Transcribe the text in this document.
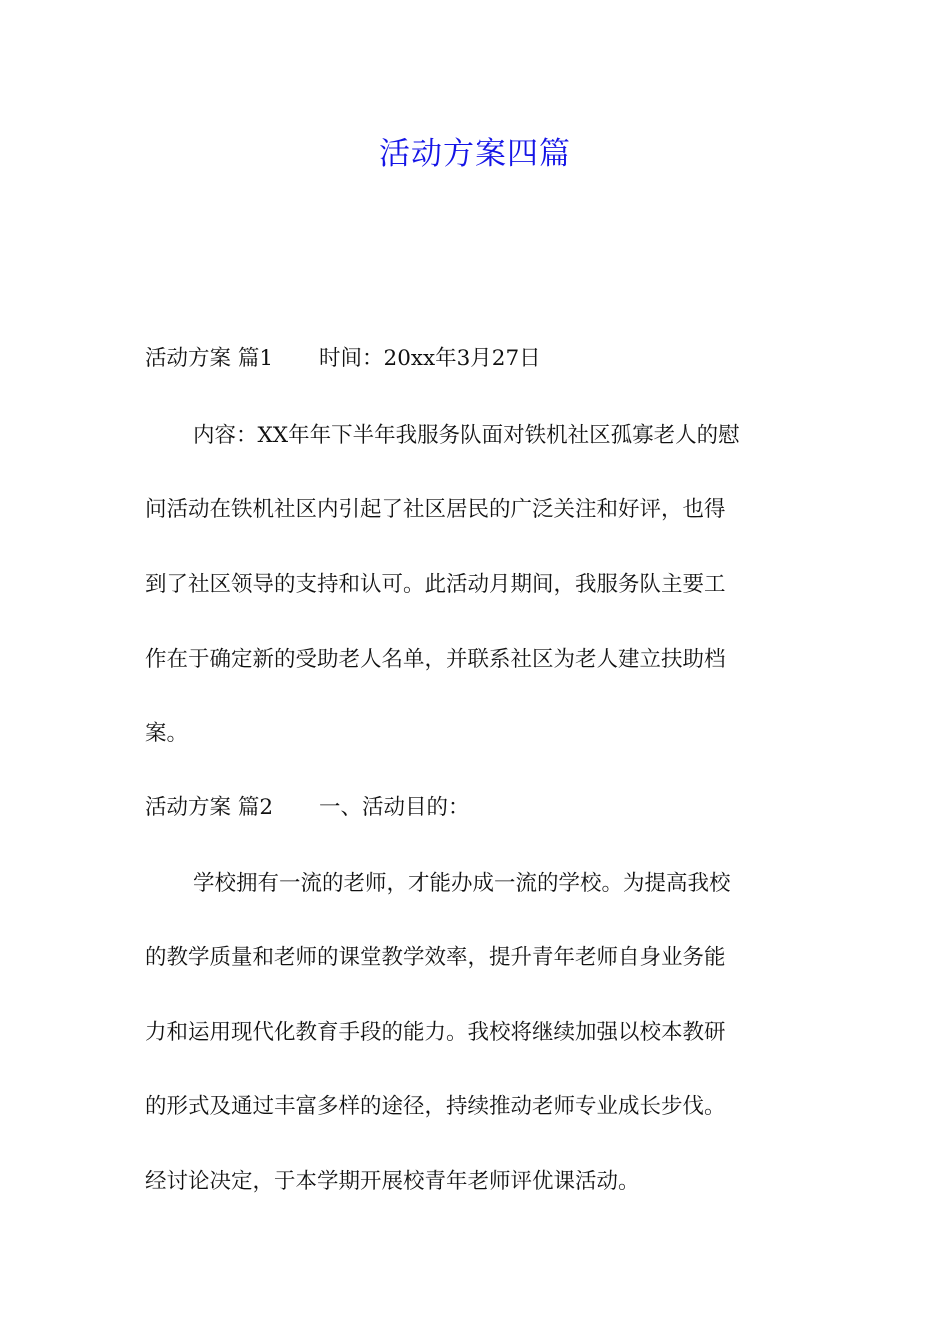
活动方案四篇
活动方案 篇1 时间：20xx年3月27日
内容：XX年年下半年我服务队面对铁机社区孤寡老人的慰
问活动在铁机社区内引起了社区居民的广泛关注和好评，也得
到了社区领导的支持和认可。此活动月期间，我服务队主要工
作在于确定新的受助老人名单，并联系社区为老人建立扶助档
案。
活动方案 篇2 一、活动目的：
学校拥有一流的老师，才能办成一流的学校。为提高我校
的教学质量和老师的课堂教学效率，提升青年老师自身业务能
力和运用现代化教育手段的能力。我校将继续加强以校本教研
的形式及通过丰富多样的途径，持续推动老师专业成长步伐。
经讨论决定，于本学期开展校青年老师评优课活动。
